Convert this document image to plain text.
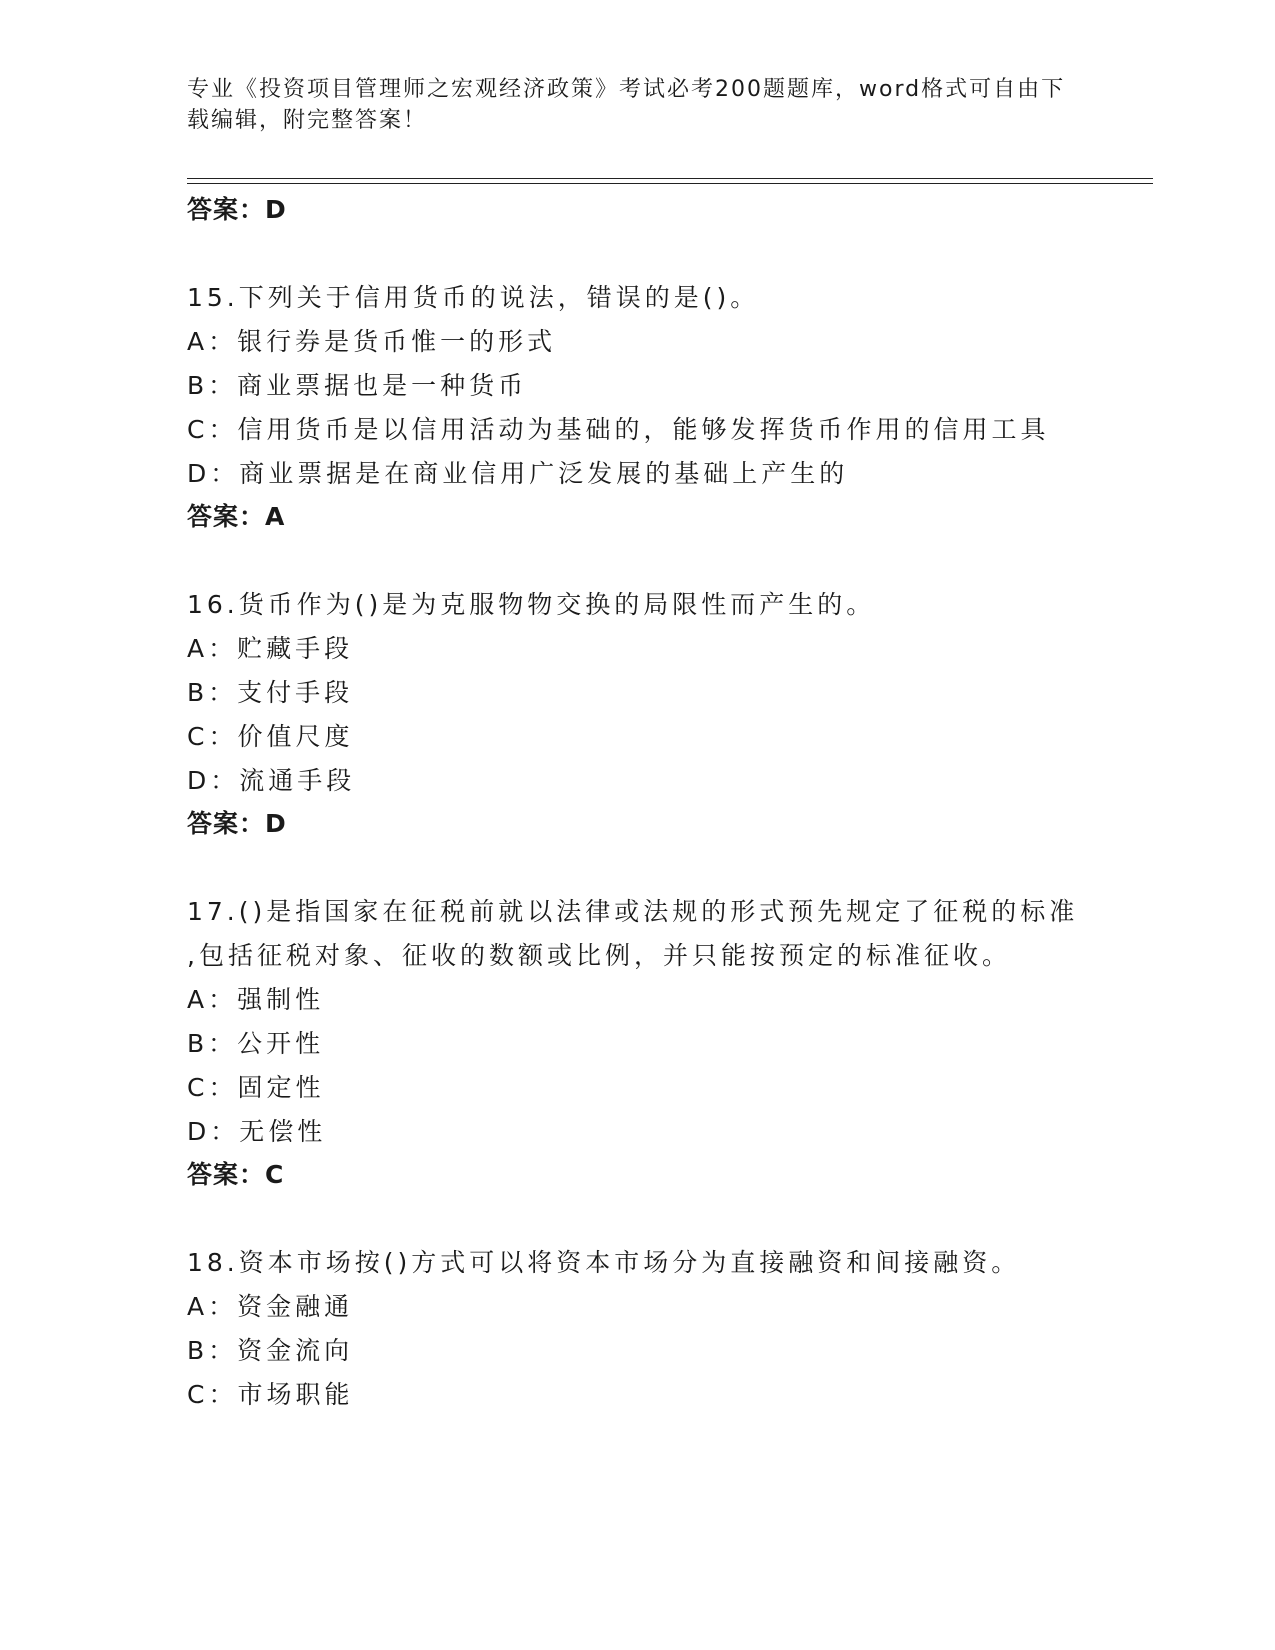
专业《投资项目管理师之宏观经济政策》考试必考200题题库，word格式可自由下载编辑，附完整答案！
答案：D
15.下列关于信用货币的说法，错误的是()。
A：银行券是货币惟一的形式
B：商业票据也是一种货币
C：信用货币是以信用活动为基础的，能够发挥货币作用的信用工具
D：商业票据是在商业信用广泛发展的基础上产生的
答案：A
16.货币作为()是为克服物物交换的局限性而产生的。
A：贮藏手段
B：支付手段
C：价值尺度
D：流通手段
答案：D
17.()是指国家在征税前就以法律或法规的形式预先规定了征税的标准
,包括征税对象、征收的数额或比例，并只能按预定的标准征收。
A：强制性
B：公开性
C：固定性
D：无偿性
答案：C
18.资本市场按()方式可以将资本市场分为直接融资和间接融资。
A：资金融通
B：资金流向
C：市场职能
